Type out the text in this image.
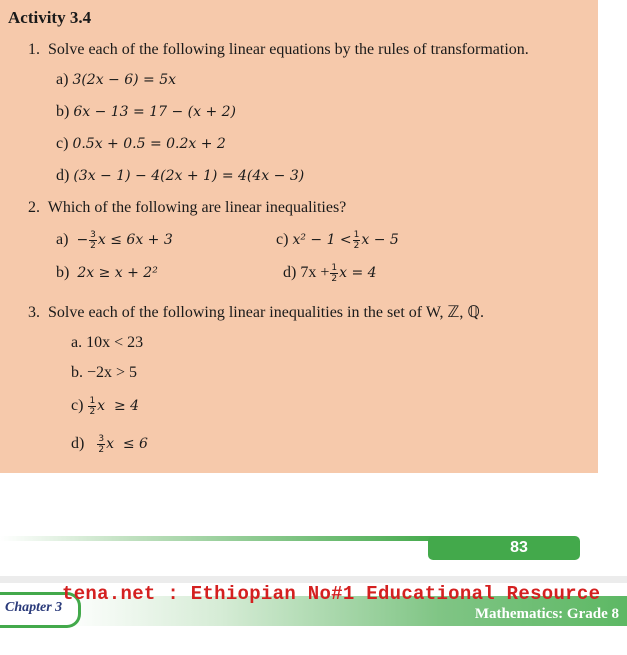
Activity 3.4
1. Solve each of the following linear equations by the rules of transformation.
a) 3(2x − 6) = 5x
b) 6x − 13 = 17 − (x + 2)
c) 0.5x + 0.5 = 0.2x + 2
d) (3x − 1) − 4(2x + 1) = 4(4x − 3)
2. Which of the following are linear inequalities?
$a) - \frac{3}{2}$ x ≤ 6x + 3	c) $x^2 - 1 < \frac{1}{2}$ x − 5
b) 2x ≥ x + 2²	d) $7x + \frac{1}{2}$ x = 4
3. Solve each of the following linear inequalities in the set of W, ℤ, ℚ.
a. 10x < 23
b. −2x > 5
$c) \frac{1}{2}$ x  ≥ 4
$d) \frac{3}{2}$ x  ≤ 6
83
Chapter 3
tena.net : Ethiopian No#1 Educational Resource
Mathematics: Grade 8
